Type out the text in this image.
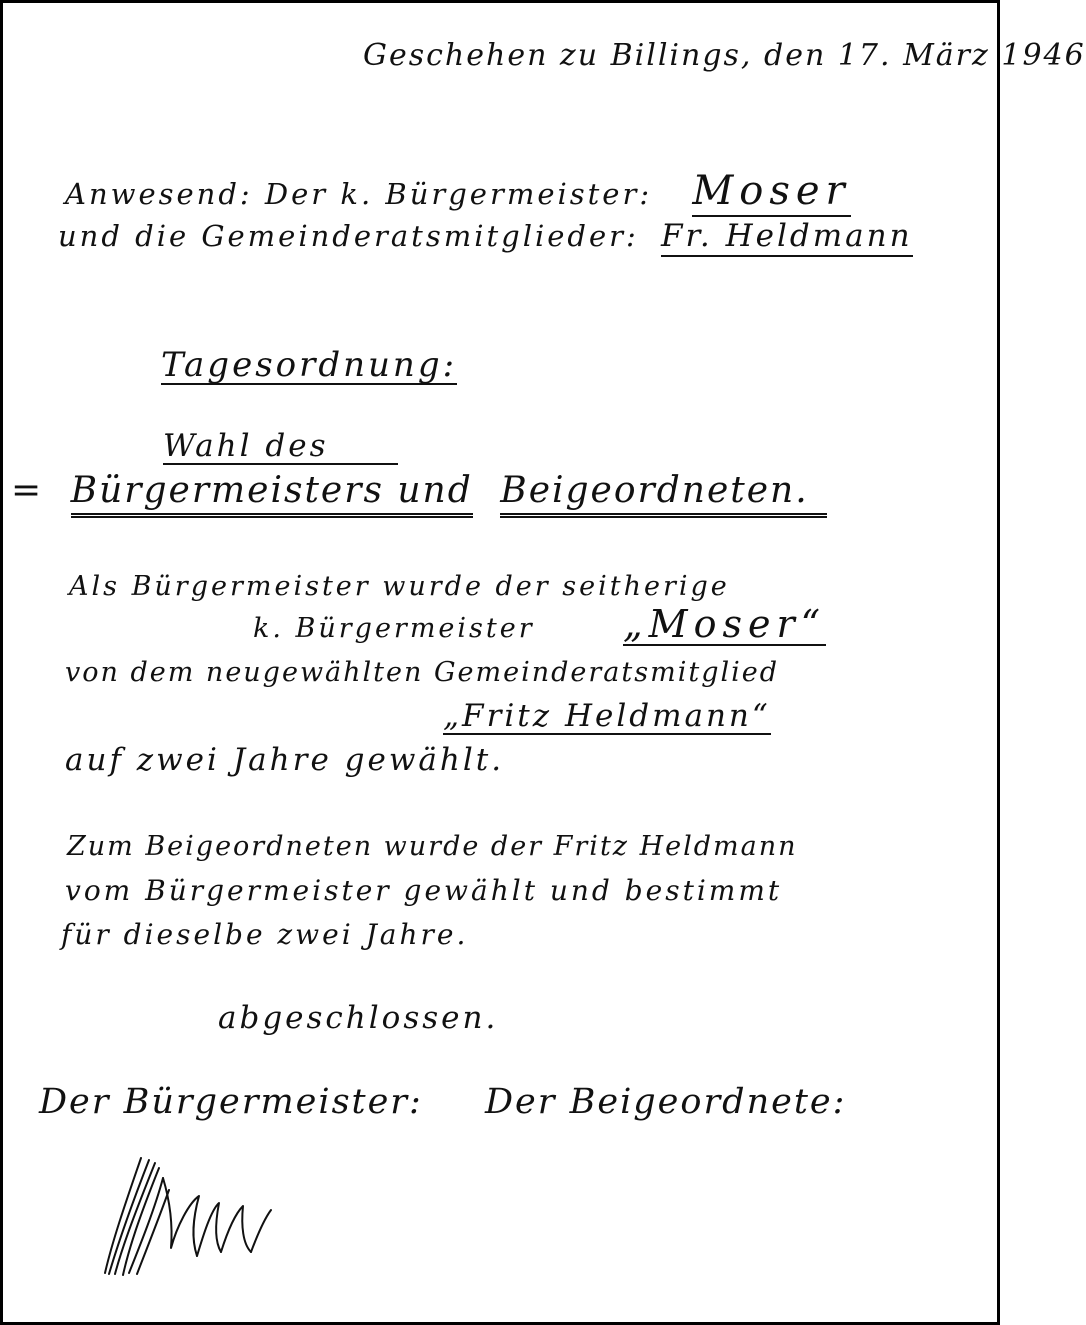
Geschehen zu Billings, den 17. März 1946
Anwesend: Der k. Bürgermeister: Moser
und die Gemeinderatsmitglieder: Fr. Heldmann
Tagesordnung:
Wahl des
= Bürgermeisters und Beigeordneten.
Als Bürgermeister wurde der seitherige
k. Bürgermeister „Moser“
von dem neugewählten Gemeinderatsmitglied
„Fritz Heldmann“
auf zwei Jahre gewählt.
Zum Beigeordneten wurde der Fritz Heldmann
vom Bürgermeister gewählt und bestimmt
für dieselbe zwei Jahre.
abgeschlossen.
Der Bürgermeister: Der Beigeordnete:
